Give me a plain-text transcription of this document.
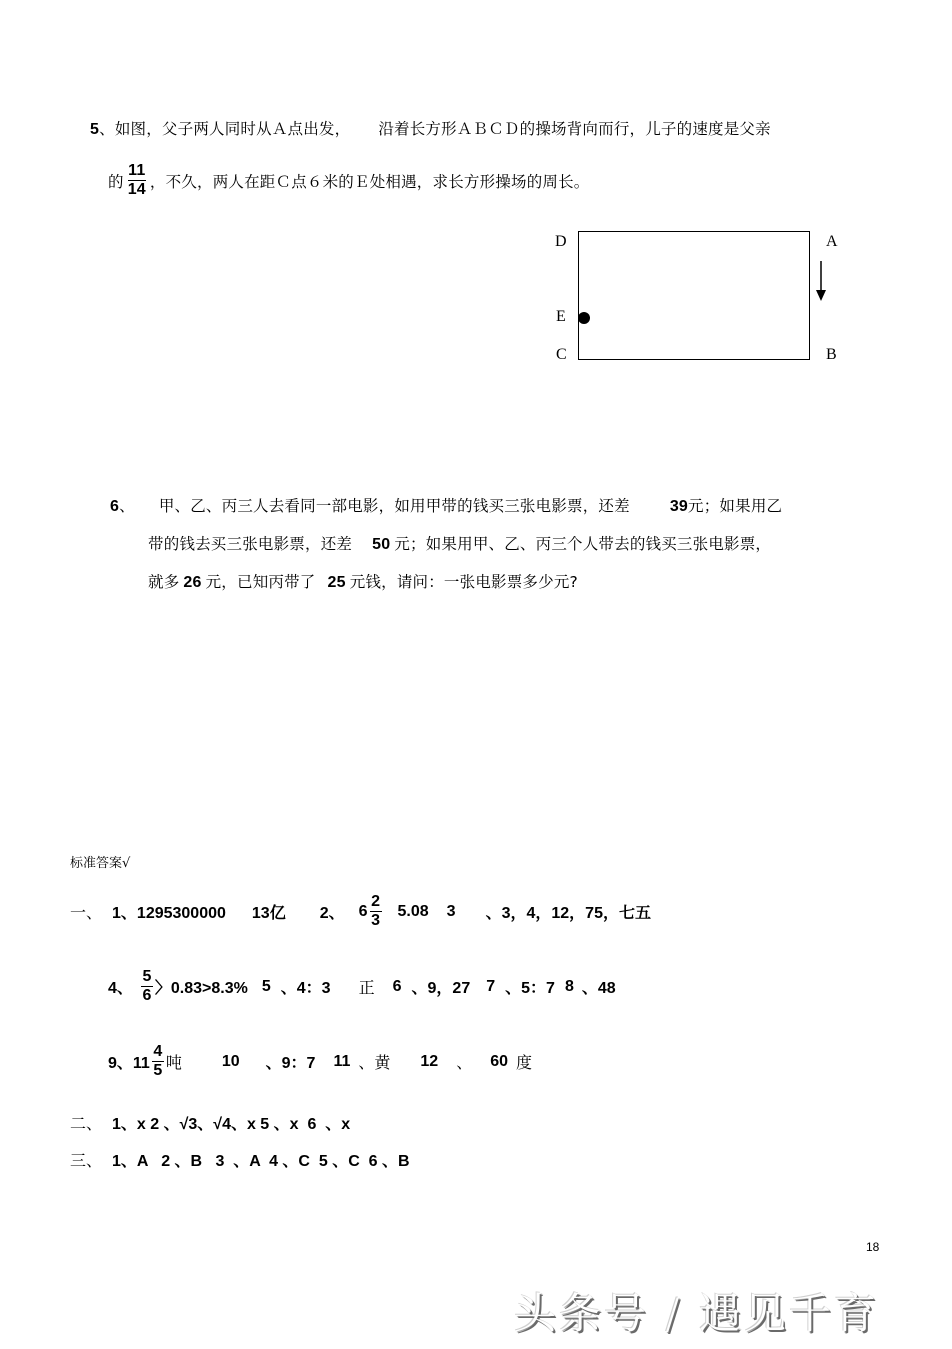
5、如图，父子两人同时从Ａ点出发， 沿着长方形ＡＢＣＤ的操场背向而行，儿子的速度是父亲
的 $\frac{11}{14}$ ，不久，两人在距Ｃ点６米的Ｅ处相遇，求长方形操场的周长。
D	A
E
C	B
6、 甲、乙、丙三人去看同一部电影，如用甲带的钱买三张电影票，还差	39元；如果用乙
带的钱去买三张电影票，还差 50 元；如果用甲、乙、丙三个人带去的钱买三张电影票，
就多 26 元，已知丙带了 25 元钱，请问：一张电影票多少元?
标准答案√
一、 1、1295300000 13亿 2、 $6 \frac{2}{3} 5.08$ 3 、3，4，12，75，七五
4、 $\frac{5}{6}$ 〉0.83>8.3% 5 、4：3 正 6 、9，27 7 、5：7 8 、48
9、$11 \frac{4}{5}$ 吨	10 、9：7 11 、黄 12 、 60 度
二、 1、x 2 、√3、√4、x 5 、x  6  、x
三、 1、A   2 、B   3  、A  4 、C  5 、C  6 、B
18
头条号 / 遇见千育
